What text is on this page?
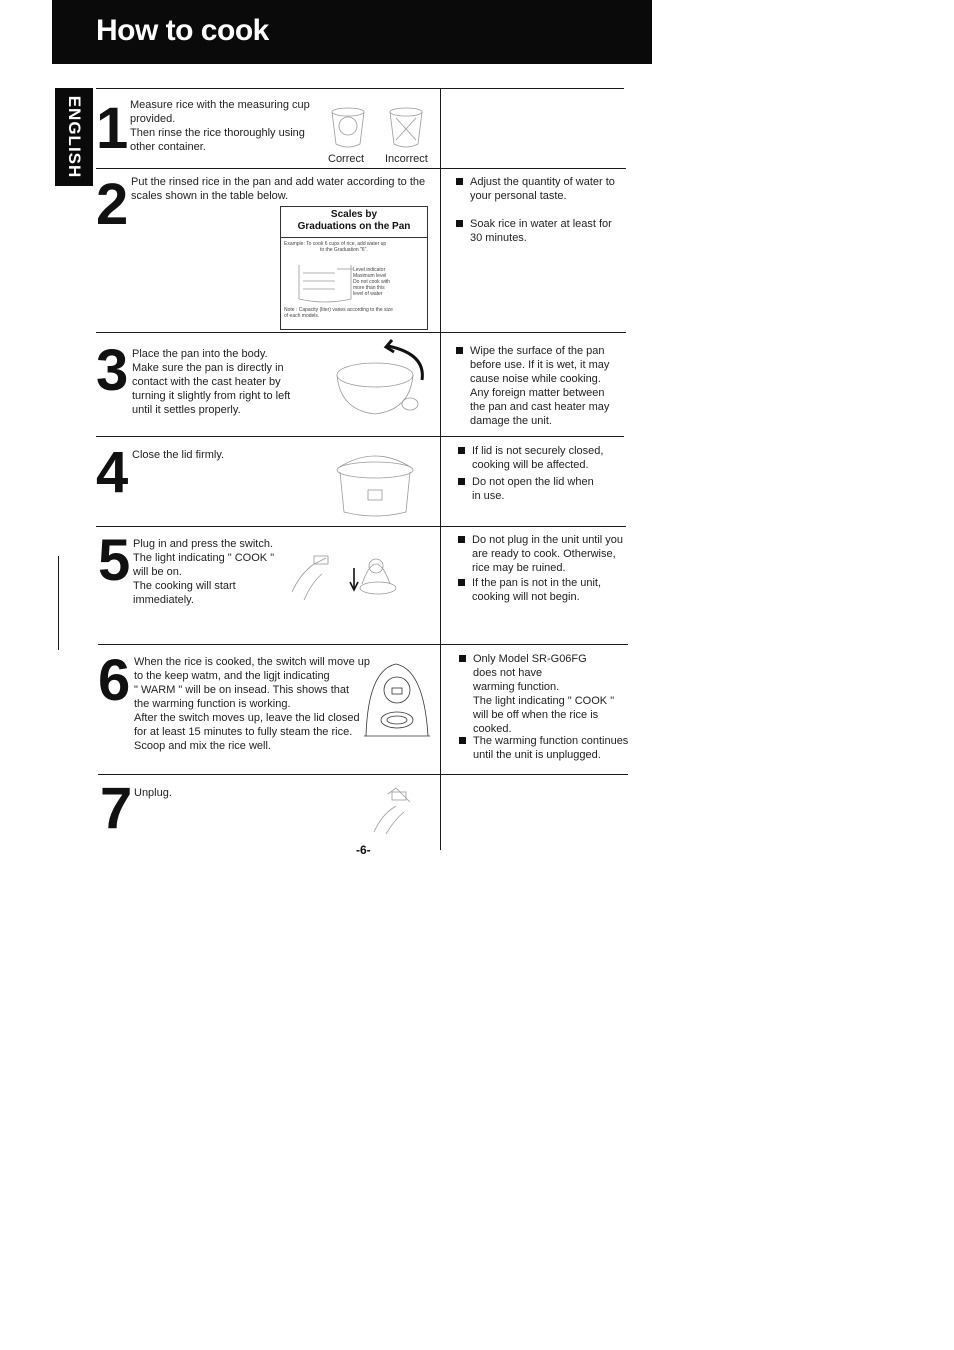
How to cook
ENGLISH 1 Measure rice with the measuring cup
provided.
Then rinse the rice thoroughly using
other container.
Correct Incorrect
2 Put the rinsed rice in the pan and add water according to the
scales shown in the table below.
Scales by
Graduations on the Pan
Example: To cook 6 cups of rice, add water up
to the Graduation "6".
Level indicator
Maximum level
Do not cook with
more than this
level of water
Note : Capacity (liter) varies according to the size
of each models.
Adjust the quantity of water to
your personal taste.
Soak rice in water at least for
30 minutes.
3 Place the pan into the body.
Make sure the pan is directly in
contact with the cast heater by
turning it slightly from right to left
until it settles properly.
Wipe the surface of the pan
before use. If it is wet, it may
cause noise while cooking.
Any foreign matter between
the pan and cast heater may
damage the unit.
4 Close the lid firmly.	If lid is not securely closed,
cooking will be affected.
Do not open the lid when
in use.
5 Plug in and press the switch.
The light indicating " COOK "
will be on.
The cooking will start
immediately.
Do not plug in the unit until you
are ready to cook. Otherwise,
rice may be ruined.
If the pan is not in the unit,
cooking will not begin.
6 When the rice is cooked, the switch will move up
to the keep watm, and the ligjt indicating
" WARM " will be on insead. This shows that
the warming function is working.
After the switch moves up, leave the lid closed
for at least 15 minutes to fully steam the rice.
Scoop and mix the rice well.
Only Model SR-G06FG
does not have
warming function.
The light indicating " COOK "
will be off when the rice is
cooked.
The warming function continues
until the unit is unplugged.
7 Unplug.
-6-
